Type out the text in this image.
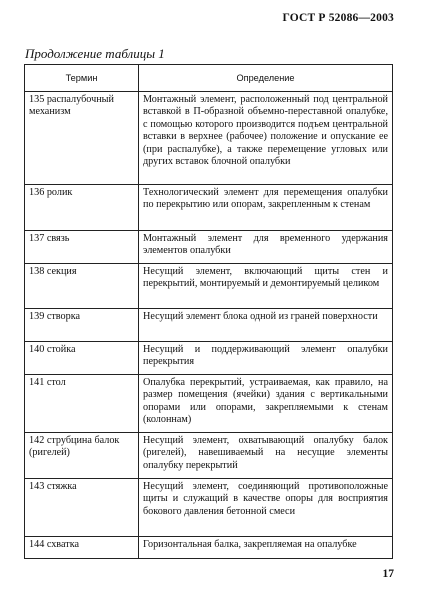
ГОСТ Р 52086—2003
Продолжение таблицы 1
Термин	Определение
135 распалубочный механизм	Монтажный элемент, расположенный под центральной вставкой в П-образной объемно-переставной опалубке, с помощью которого производится подъем центральной вставки в верхнее (рабочее) положение и опускание ее (при распалубке), а также перемещение угловых или других вставок блочной опалубки
136 ролик	Технологический элемент для перемещения опалубки по перекрытию или опорам, закрепленным к стенам
137 связь	Монтажный элемент для временного удержания элементов опалубки
138 секция	Несущий элемент, включающий щиты стен и перекрытий, монтируемый и демонтируемый целиком
139 створка	Несущий элемент блока одной из граней поверхности
140 стойка	Несущий и поддерживающий элемент опалубки перекрытия
141 стол	Опалубка перекрытий, устраиваемая, как правило, на размер помещения (ячейки) здания с вертикальными опорами или опорами, закрепляемыми к стенам (колоннам)
142 струбцина балок (ригелей)	Несущий элемент, охватывающий опалубку балок (ригелей), навешиваемый на несущие элементы опалубку перекрытий
143 стяжка	Несущий элемент, соединяющий противоположные щиты и служащий в качестве опоры для восприятия бокового давления бетонной смеси
144 схватка	Горизонтальная балка, закрепляемая на опалубке
17
